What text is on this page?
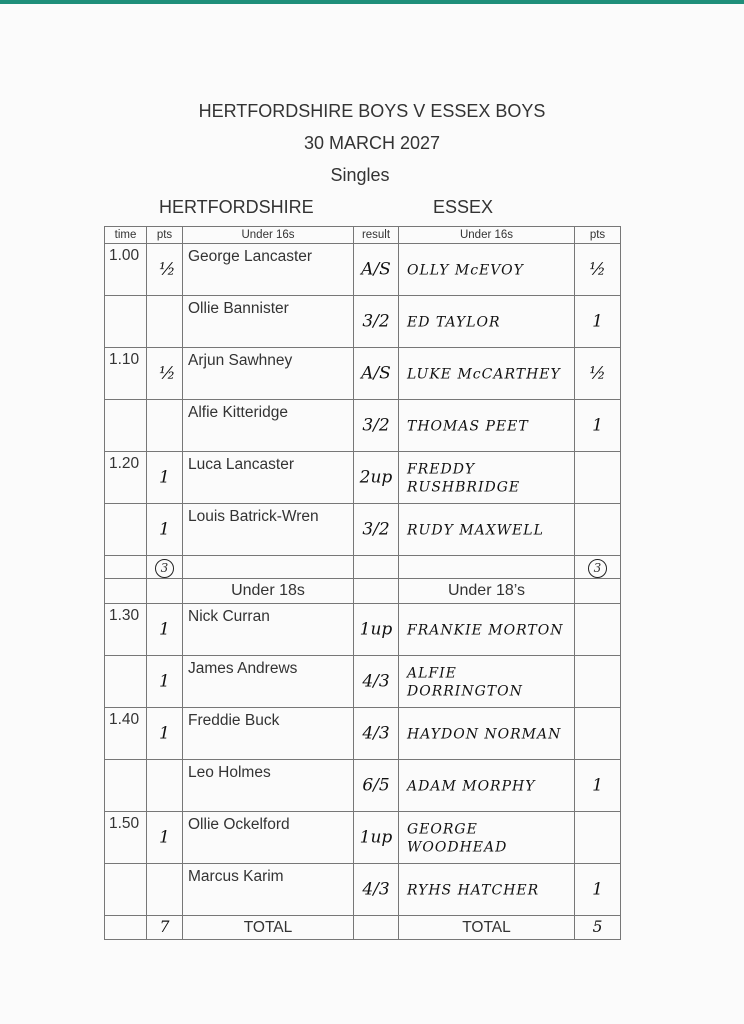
HERTFORDSHIRE BOYS V ESSEX BOYS
30 MARCH 2027
Singles
HERTFORDSHIRE	ESSEX
time	pts	Under 16s	result	Under 16s	pts
1.00	½	George Lancaster	A/S	OLLY McEVOY	½
		Ollie Bannister	3/2	ED TAYLOR	1
1.10	½	Arjun Sawhney	A/S	LUKE McCARTHEY	½
		Alfie Kitteridge	3/2	THOMAS PEET	1
1.20	1	Luca Lancaster	2up	FREDDY RUSHBRIDGE	
	1	Louis Batrick-Wren	3/2	RUDY MAXWELL	
	3				3
		Under 18s		Under 18’s	
1.30	1	Nick Curran	1up	FRANKIE MORTON	
	1	James Andrews	4/3	ALFIE DORRINGTON	
1.40	1	Freddie Buck	4/3	HAYDON NORMAN	
		Leo Holmes	6/5	ADAM MORPHY	1
1.50	1	Ollie Ockelford	1up	GEORGE WOODHEAD	
		Marcus Karim	4/3	RYHS HATCHER	1
	7	TOTAL		TOTAL	5
